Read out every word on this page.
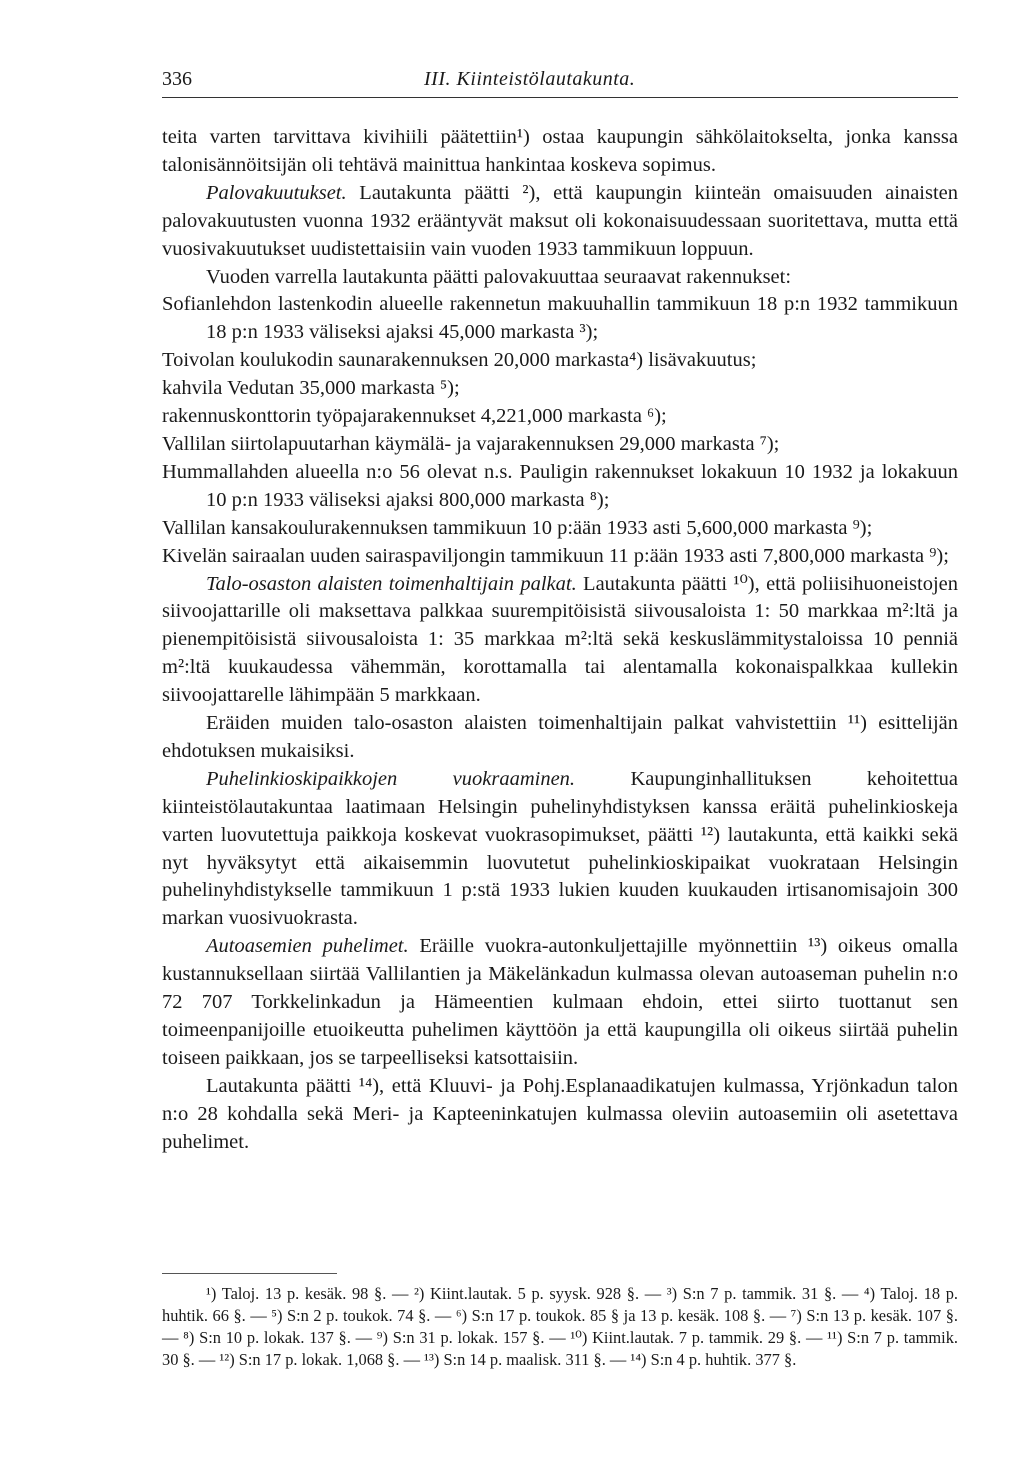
336	III. Kiinteistölautakunta.

teita varten tarvittava kivihiili päätettiin¹) ostaa kaupungin sähkölaitokselta, jonka kanssa talonisännöitsijän oli tehtävä mainittua hankintaa koskeva sopimus.

Palovakuutukset. Lautakunta päätti ²), että kaupungin kiinteän omaisuuden ainaisten palovakuutusten vuonna 1932 erääntyvät maksut oli kokonaisuudessaan suoritettava, mutta että vuosivakuutukset uudistettaisiin vain vuoden 1933 tammikuun loppuun.

Vuoden varrella lautakunta päätti palovakuuttaa seuraavat rakennukset:

Sofianlehdon lastenkodin alueelle rakennetun makuuhallin tammikuun 18 p:n 1932 tammikuun 18 p:n 1933 väliseksi ajaksi 45,000 markasta ³);

Toivolan koulukodin saunarakennuksen 20,000 markasta⁴) lisävakuutus;

kahvila Vedutan 35,000 markasta ⁵);

rakennuskonttorin työpajarakennukset 4,221,000 markasta ⁶);

Vallilan siirtolapuutarhan käymälä- ja vajarakennuksen 29,000 markasta ⁷);

Hummallahden alueella n:o 56 olevat n.s. Pauligin rakennukset lokakuun 10 1932 ja lokakuun 10 p:n 1933 väliseksi ajaksi 800,000 markasta ⁸);

Vallilan kansakoulurakennuksen tammikuun 10 p:ään 1933 asti 5,600,000 markasta ⁹);

Kivelän sairaalan uuden sairaspaviljongin tammikuun 11 p:ään 1933 asti 7,800,000 markasta ⁹);

Talo-osaston alaisten toimenhaltijain palkat. Lautakunta päätti ¹⁰), että poliisihuoneistojen siivoojattarille oli maksettava palkkaa suurempitöisistä siivousaloista 1: 50 markkaa m²:ltä ja pienempitöisistä siivousaloista 1: 35 markkaa m²:ltä sekä keskuslämmitystaloissa 10 penniä m²:ltä kuukaudessa vähemmän, korottamalla tai alentamalla kokonaispalkkaa kullekin siivoojattarelle lähimpään 5 markkaan.

Eräiden muiden talo-osaston alaisten toimenhaltijain palkat vahvistettiin ¹¹) esittelijän ehdotuksen mukaisiksi.

Puhelinkioskipaikkojen vuokraaminen.	Kaupunginhallituksen kehoitettua kiinteistölautakuntaa laatimaan Helsingin puhelinyhdistyksen kanssa eräitä puhelinkioskeja varten luovutettuja paikkoja koskevat vuokrasopimukset, päätti ¹²) lautakunta, että kaikki sekä nyt hyväksytyt että aikaisemmin luovutetut puhelinkioskipaikat vuokrataan Helsingin puhelinyhdistykselle tammikuun 1 p:stä 1933 lukien kuuden kuukauden irtisanomisajoin 300 markan vuosivuokrasta.

Autoasemien puhelimet. Eräille vuokra-autonkuljettajille myönnettiin ¹³) oikeus omalla kustannuksellaan siirtää Vallilantien ja Mäkelänkadun kulmassa olevan autoaseman puhelin n:o 72 707 Torkkelinkadun ja Hämeentien kulmaan ehdoin, ettei siirto tuottanut sen toimeenpanijoille etuoikeutta puhelimen käyttöön ja että kaupungilla oli oikeus siirtää puhelin toiseen paikkaan, jos se tarpeelliseksi katsottaisiin.

Lautakunta päätti ¹⁴), että Kluuvi- ja Pohj.Esplanaadikatujen kulmassa, Yrjönkadun talon n:o 28 kohdalla sekä Meri- ja Kapteeninkatujen kulmassa oleviin autoasemiin oli asetettava puhelimet.

¹) Taloj. 13 p. kesäk. 98 §. — ²) Kiint.lautak. 5 p. syysk. 928 §. — ³) S:n 7 p. tammik. 31 §. — ⁴) Taloj. 18 p. huhtik. 66 §. — ⁵) S:n 2 p. toukok. 74 §. — ⁶) S:n 17 p. toukok. 85 § ja 13 p. kesäk. 108 §. — ⁷) S:n 13 p. kesäk. 107 §. — ⁸) S:n 10 p. lokak. 137 §. — ⁹) S:n 31 p. lokak. 157 §. — ¹⁰) Kiint.lautak. 7 p. tammik. 29 §. — ¹¹) S:n 7 p. tammik. 30 §. — ¹²) S:n 17 p. lokak. 1,068 §. — ¹³) S:n 14 p. maalisk. 311 §. — ¹⁴) S:n 4 p. huhtik. 377 §.
